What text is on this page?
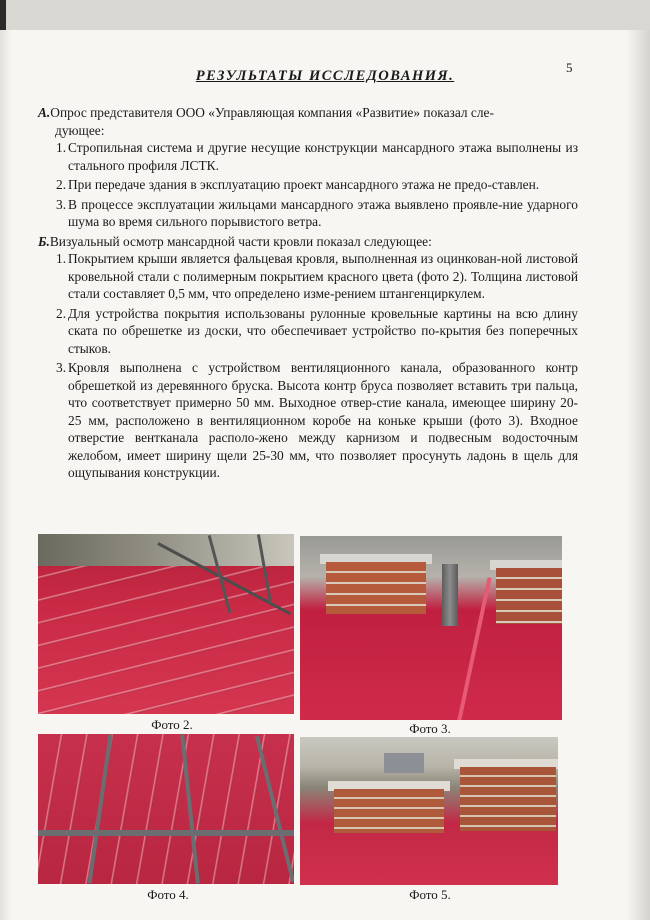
5
РЕЗУЛЬТАТЫ ИССЛЕДОВАНИЯ.
А.Опрос представителя ООО «Управляющая компания «Развитие» показал сле-
дующее:
1. Стропильная система и другие несущие конструкции мансардного этажа выполнены из стального профиля ЛСТК.
2. При передаче здания в эксплуатацию проект мансардного этажа не предо-ставлен.
3. В процессе эксплуатации жильцами мансардного этажа выявлено проявле-ние ударного шума во время сильного порывистого ветра.
Б.Визуальный осмотр мансардной части кровли показал следующее:
1. Покрытием крыши является фальцевая кровля, выполненная из оцинкован-ной листовой кровельной стали с полимерным покрытием красного цвета (фото 2). Толщина листовой стали составляет 0,5 мм, что определено изме-рением штангенциркулем.
2. Для устройства покрытия использованы рулонные кровельные картины на всю длину ската по обрешетке из доски, что обеспечивает устройство по-крытия без поперечных стыков.
3. Кровля выполнена с устройством вентиляционного канала, образованного контр обрешеткой из деревянного бруска. Высота контр бруса позволяет вставить три пальца, что соответствует примерно 50 мм. Выходное отвер-стие канала, имеющее ширину 20-25 мм, расположено в вентиляционном коробе на коньке крыши (фото 3). Входное отверстие вентканала располо-жено между карнизом и подвесным водосточным желобом, имеет ширину щели 25-30 мм, что позволяет просунуть ладонь в щель для ощупывания конструкции.
Фото 2.	Фото 3.
Фото 4.	Фото 5.
